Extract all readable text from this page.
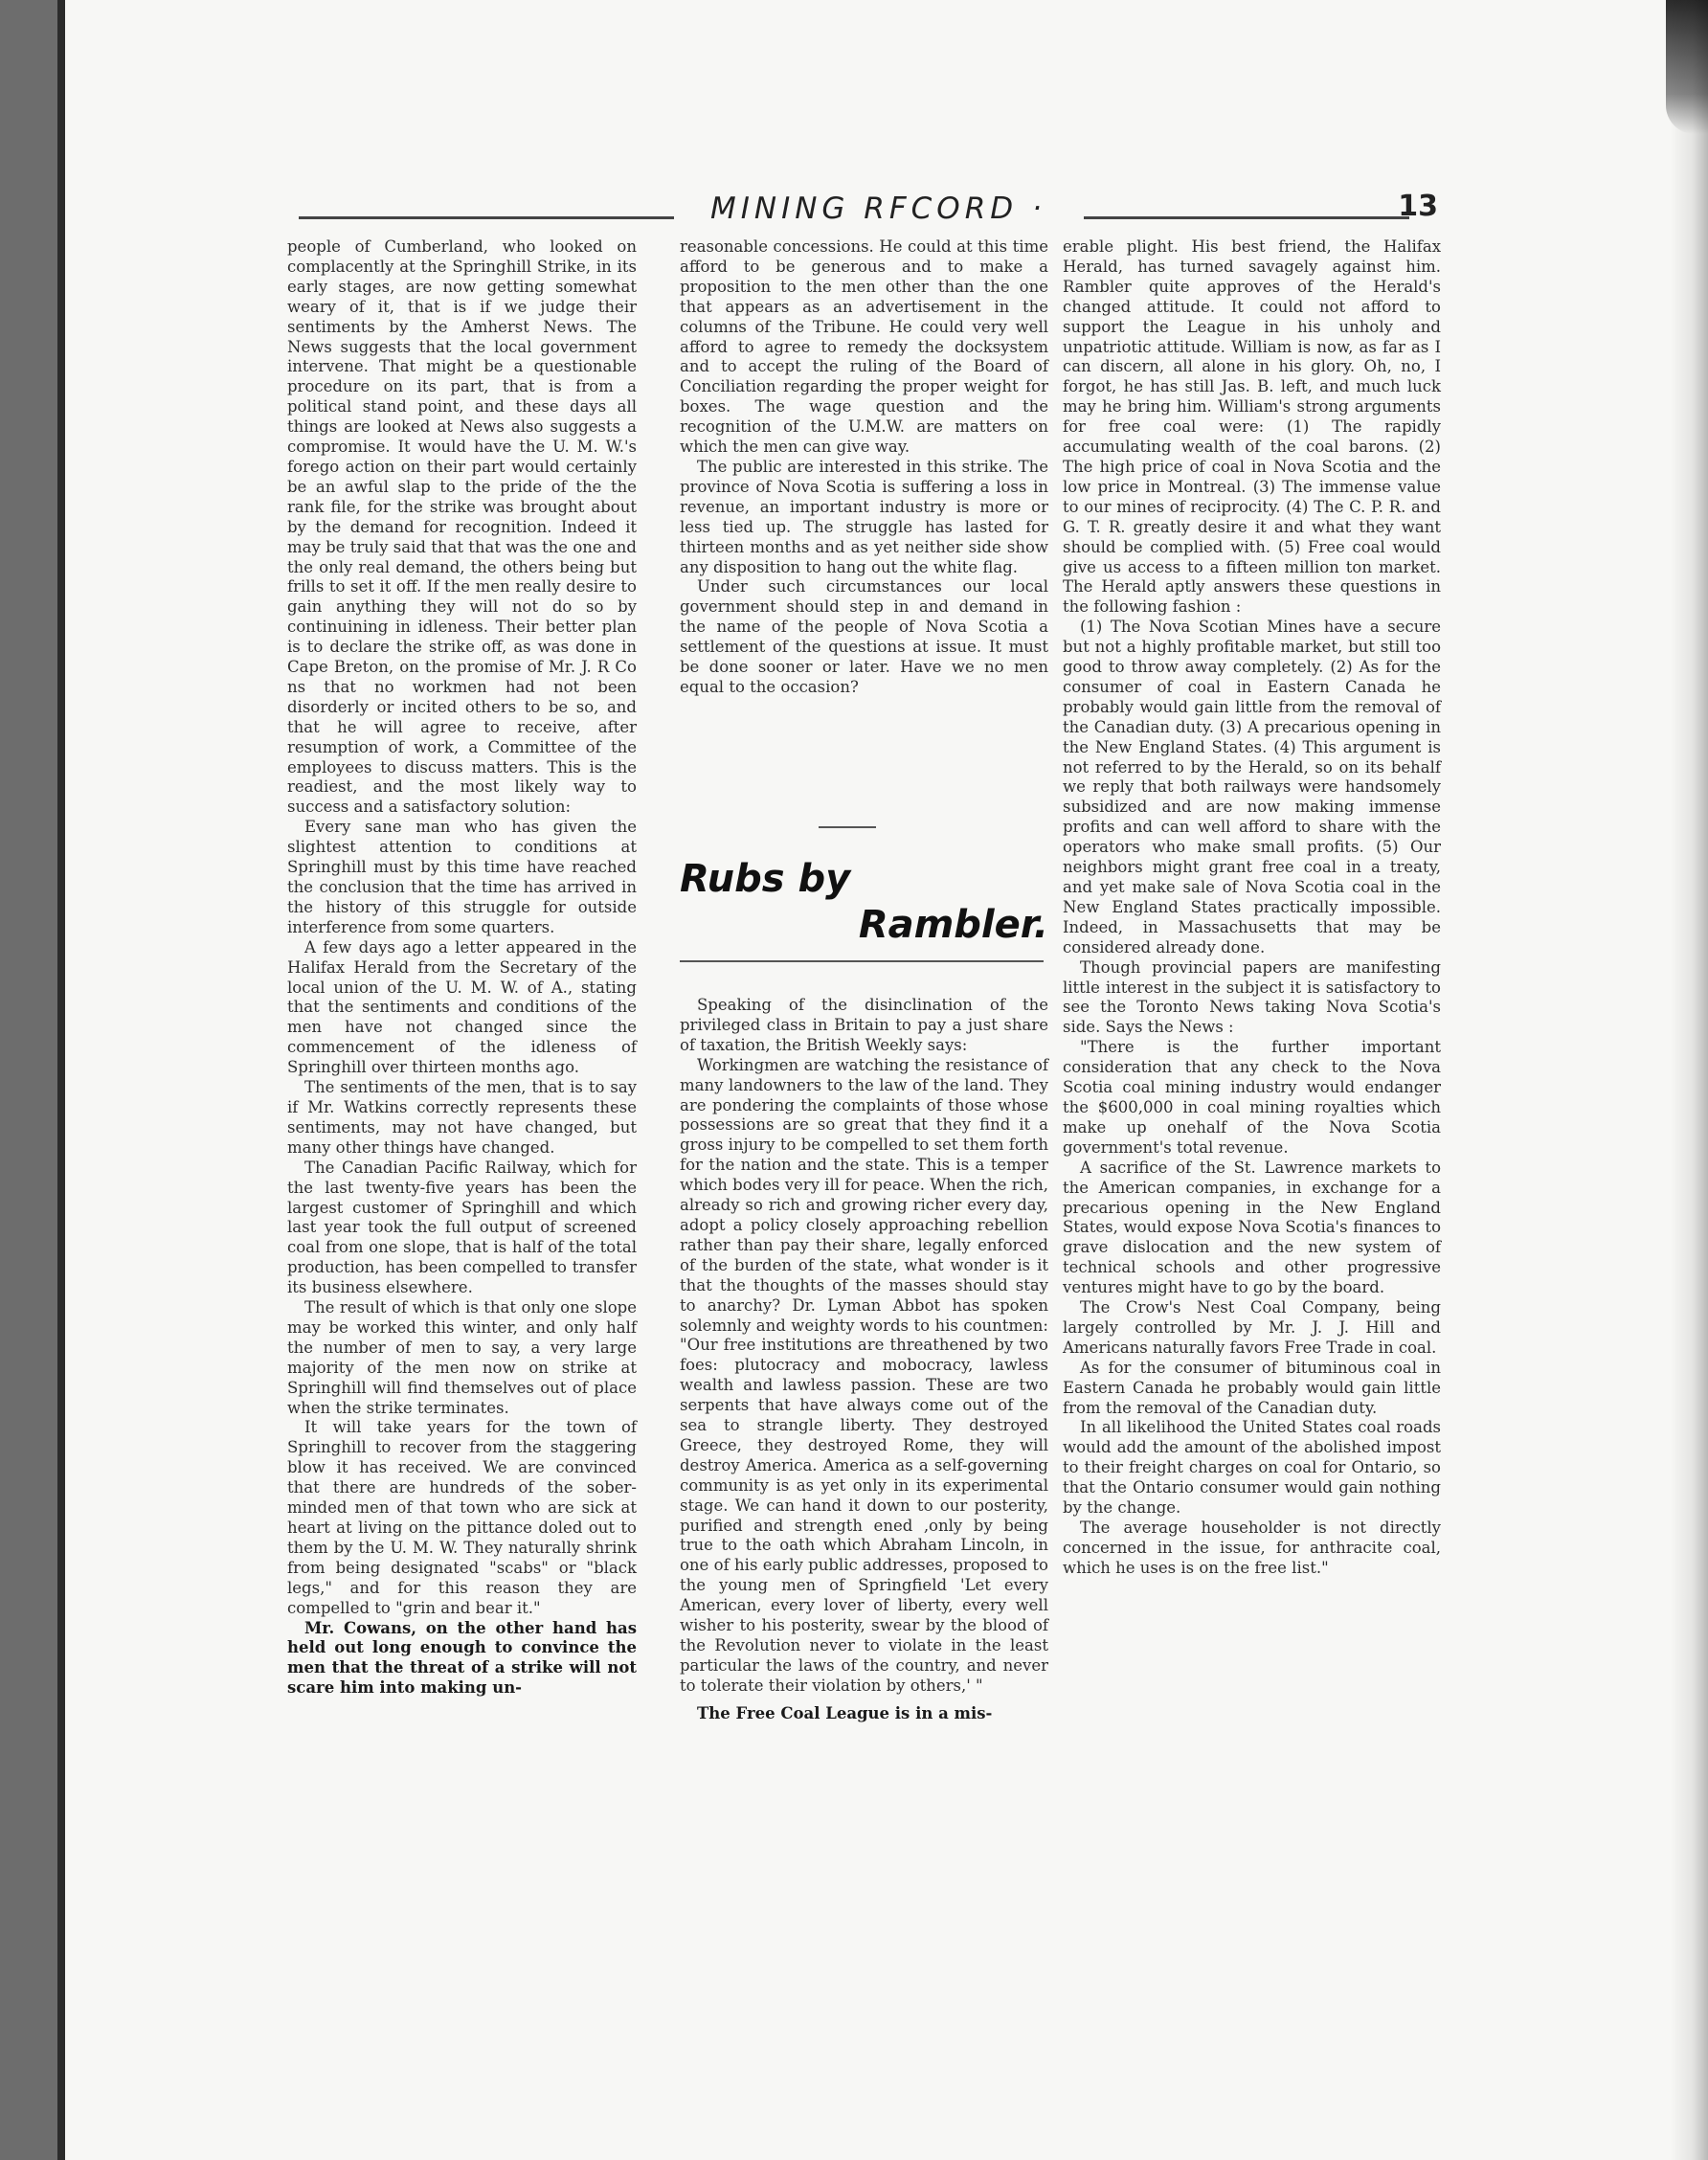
MINING RFCORD ·	13

people of Cumberland, who looked on complacently at the Springhill Strike, in its early stages, are now getting somewhat weary of it, that is if we judge their sentiments by the Amherst News. The News suggests that the local government intervene. That might be a questionable procedure on its part, that is from a political stand point, and these days all things are looked at News also suggests a compromise. It would have the U. M. W.'s forego action on their part would certainly be an awful slap to the pride of the the rank file, for the strike was brought about by the demand for recognition. Indeed it may be truly said that that was the one and the only real demand, the others being but frills to set it off. If the men really desire to gain anything they will not do so by continuining in idleness. Their better plan is to declare the strike off, as was done in Cape Breton, on the promise of Mr. J. R Co ns that no workmen had not been disorderly or incited others to be so, and that he will agree to receive, after resumption of work, a Committee of the employees to discuss matters. This is the readiest, and the most likely way to success and a satisfactory solution:

Every sane man who has given the slightest attention to conditions at Springhill must by this time have reached the conclusion that the time has arrived in the history of this struggle for outside interference from some quarters.

A few days ago a letter appeared in the Halifax Herald from the Secretary of the local union of the U. M. W. of A., stating that the sentiments and conditions of the men have not changed since the commencement of the idleness of Springhill over thirteen months ago.

The sentiments of the men, that is to say if Mr. Watkins correctly represents these sentiments, may not have changed, but many other things have changed.

The Canadian Pacific Railway, which for the last twenty-five years has been the largest customer of Springhill and which last year took the full output of screened coal from one slope, that is half of the total production, has been compelled to transfer its business elsewhere.

The result of which is that only one slope may be worked this winter, and only half the number of men to say, a very large majority of the men now on strike at Springhill will find themselves out of place when the strike terminates.

It will take years for the town of Springhill to recover from the staggering blow it has received. We are convinced that there are hundreds of the sober-minded men of that town who are sick at heart at living on the pittance doled out to them by the U. M. W. They naturally shrink from being designated "scabs" or "black legs," and for this reason they are compelled to "grin and bear it."

Mr. Cowans, on the other hand has held out long enough to convince the men that the threat of a strike will not scare him into making un-

reasonable concessions. He could at this time afford to be generous and to make a proposition to the men other than the one that appears as an advertisement in the columns of the Tribune. He could very well afford to agree to remedy the docksystem and to accept the ruling of the Board of Conciliation regarding the proper weight for boxes. The wage question and the recognition of the U.M.W. are matters on which the men can give way.

The public are interested in this strike. The province of Nova Scotia is suffering a loss in revenue, an important industry is more or less tied up. The struggle has lasted for thirteen months and as yet neither side show any disposition to hang out the white flag.

Under such circumstances our local government should step in and demand in the name of the people of Nova Scotia a settlement of the questions at issue. It must be done sooner or later. Have we no men equal to the occasion?

Rubs by
Rambler.

Speaking of the disinclination of the privileged class in Britain to pay a just share of taxation, the British Weekly says:

Workingmen are watching the resistance of many landowners to the law of the land. They are pondering the complaints of those whose possessions are so great that they find it a gross injury to be compelled to set them forth for the nation and the state. This is a temper which bodes very ill for peace. When the rich, already so rich and growing richer every day, adopt a policy closely approaching rebellion rather than pay their share, legally enforced of the burden of the state, what wonder is it that the thoughts of the masses should stay to anarchy? Dr. Lyman Abbot has spoken solemnly and weighty words to his countmen: "Our free institutions are threathened by two foes: plutocracy and mobocracy, lawless wealth and lawless passion. These are two serpents that have always come out of the sea to strangle liberty. They destroyed Greece, they destroyed Rome, they will destroy America. America as a self-governing community is as yet only in its experimental stage. We can hand it down to our posterity, purified and strength ened ,only by being true to the oath which Abraham Lincoln, in one of his early public addresses, proposed to the young men of Springfield 'Let every American, every lover of liberty, every well wisher to his posterity, swear by the blood of the Revolution never to violate in the least particular the laws of the country, and never to tolerate their violation by others,' "

The Free Coal League is in a mis-

erable plight. His best friend, the Halifax Herald, has turned savagely against him. Rambler quite approves of the Herald's changed attitude. It could not afford to support the League in his unholy and unpatriotic attitude. William is now, as far as I can discern, all alone in his glory. Oh, no, I forgot, he has still Jas. B. left, and much luck may he bring him. William's strong arguments for free coal were: (1) The rapidly accumulating wealth of the coal barons. (2) The high price of coal in Nova Scotia and the low price in Montreal. (3) The immense value to our mines of reciprocity. (4) The C. P. R. and G. T. R. greatly desire it and what they want should be complied with. (5) Free coal would give us access to a fifteen million ton market. The Herald aptly answers these questions in the following fashion :

(1) The Nova Scotian Mines have a secure but not a highly profitable market, but still too good to throw away completely. (2) As for the consumer of coal in Eastern Canada he probably would gain little from the removal of the Canadian duty. (3) A precarious opening in the New England States. (4) This argument is not referred to by the Herald, so on its behalf we reply that both railways were handsomely subsidized and are now making immense profits and can well afford to share with the operators who make small profits. (5) Our neighbors might grant free coal in a treaty, and yet make sale of Nova Scotia coal in the New England States practically impossible. Indeed, in Massachusetts that may be considered already done.

Though provincial papers are manifesting little interest in the subject it is satisfactory to see the Toronto News taking Nova Scotia's side. Says the News :

"There is the further important consideration that any check to the Nova Scotia coal mining industry would endanger the $600,000 in coal mining royalties which make up onehalf of the Nova Scotia government's total revenue.

A sacrifice of the St. Lawrence markets to the American companies, in exchange for a precarious opening in the New England States, would expose Nova Scotia's finances to grave dislocation and the new system of technical schools and other progressive ventures might have to go by the board.

The Crow's Nest Coal Company, being largely controlled by Mr. J. J. Hill and Americans naturally favors Free Trade in coal.

As for the consumer of bituminous coal in Eastern Canada he probably would gain little from the removal of the Canadian duty.

In all likelihood the United States coal roads would add the amount of the abolished impost to their freight charges on coal for Ontario, so that the Ontario consumer would gain nothing by the change.

The average householder is not directly concerned in the issue, for anthracite coal, which he uses is on the free list."
